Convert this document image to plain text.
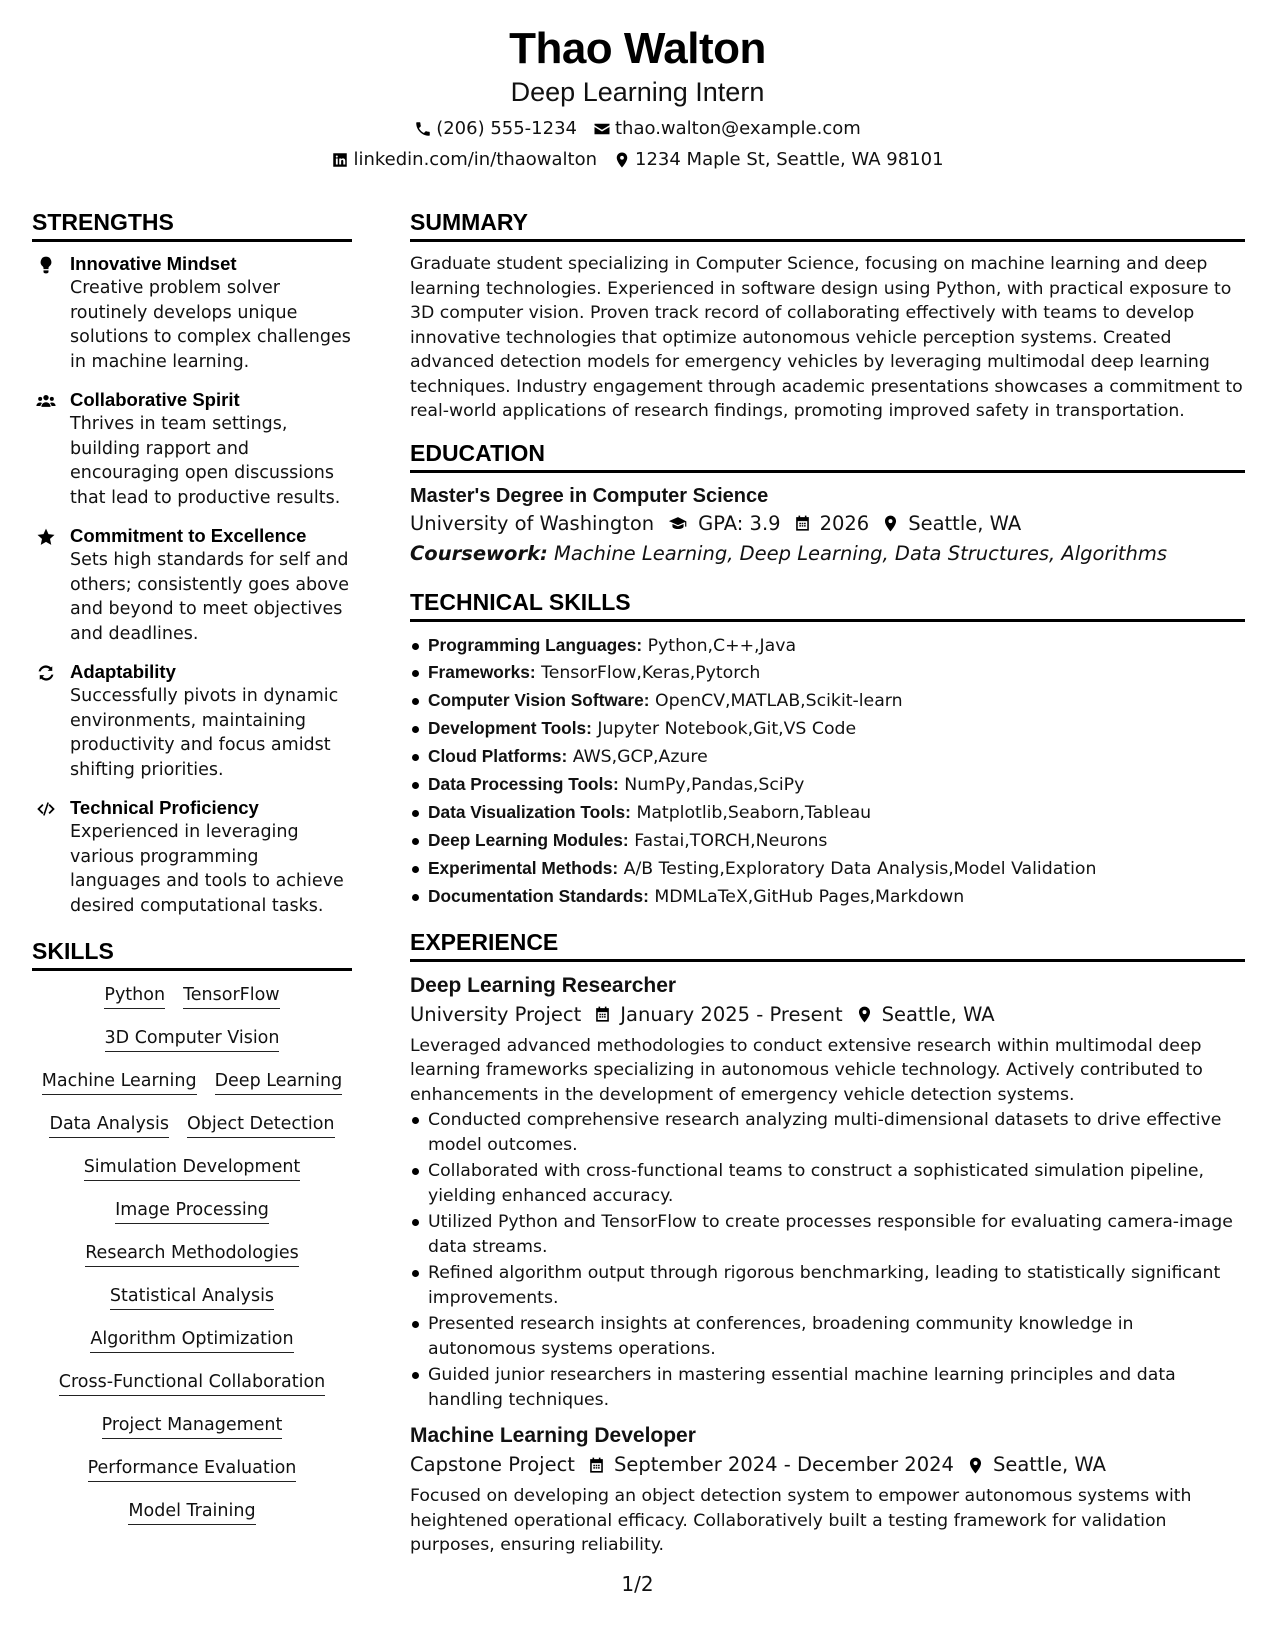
Thao Walton
Deep Learning Intern
(206) 555-1234 thao.walton@example.com
linkedin.com/in/thaowalton 1234 Maple St, Seattle, WA 98101
STRENGTHS
Innovative Mindset
Creative problem solver routinely develops unique solutions to complex challenges in machine learning.
Collaborative Spirit
Thrives in team settings, building rapport and encouraging open discussions that lead to productive results.
Commitment to Excellence
Sets high standards for self and others; consistently goes above and beyond to meet objectives and deadlines.
Adaptability
Successfully pivots in dynamic environments, maintaining productivity and focus amidst shifting priorities.
Technical Proficiency
Experienced in leveraging various programming languages and tools to achieve desired computational tasks.
SKILLS
Python TensorFlow
3D Computer Vision
Machine Learning Deep Learning
Data Analysis Object Detection
Simulation Development
Image Processing
Research Methodologies
Statistical Analysis
Algorithm Optimization
Cross-Functional Collaboration
Project Management
Performance Evaluation
Model Training
SUMMARY
Graduate student specializing in Computer Science, focusing on machine learning and deep learning technologies. Experienced in software design using Python, with practical exposure to 3D computer vision. Proven track record of collaborating effectively with teams to develop innovative technologies that optimize autonomous vehicle perception systems. Created advanced detection models for emergency vehicles by leveraging multimodal deep learning techniques. Industry engagement through academic presentations showcases a commitment to real-world applications of research findings, promoting improved safety in transportation.
EDUCATION
Master's Degree in Computer Science
University of Washington GPA: 3.9 2026 Seattle, WA
Coursework: Machine Learning, Deep Learning, Data Structures, Algorithms
TECHNICAL SKILLS
Programming Languages: Python,C++,Java
Frameworks: TensorFlow,Keras,Pytorch
Computer Vision Software: OpenCV,MATLAB,Scikit-learn
Development Tools: Jupyter Notebook,Git,VS Code
Cloud Platforms: AWS,GCP,Azure
Data Processing Tools: NumPy,Pandas,SciPy
Data Visualization Tools: Matplotlib,Seaborn,Tableau
Deep Learning Modules: Fastai,TORCH,Neurons
Experimental Methods: A/B Testing,Exploratory Data Analysis,Model Validation
Documentation Standards: MDMLaTeX,GitHub Pages,Markdown
EXPERIENCE
Deep Learning Researcher
University Project January 2025 - Present Seattle, WA
Leveraged advanced methodologies to conduct extensive research within multimodal deep learning frameworks specializing in autonomous vehicle technology. Actively contributed to enhancements in the development of emergency vehicle detection systems.
Conducted comprehensive research analyzing multi-dimensional datasets to drive effective model outcomes.
Collaborated with cross-functional teams to construct a sophisticated simulation pipeline, yielding enhanced accuracy.
Utilized Python and TensorFlow to create processes responsible for evaluating camera-image data streams.
Refined algorithm output through rigorous benchmarking, leading to statistically significant improvements.
Presented research insights at conferences, broadening community knowledge in autonomous systems operations.
Guided junior researchers in mastering essential machine learning principles and data handling techniques.
Machine Learning Developer
Capstone Project September 2024 - December 2024 Seattle, WA
Focused on developing an object detection system to empower autonomous systems with heightened operational efficacy. Collaboratively built a testing framework for validation purposes, ensuring reliability.
1/2
